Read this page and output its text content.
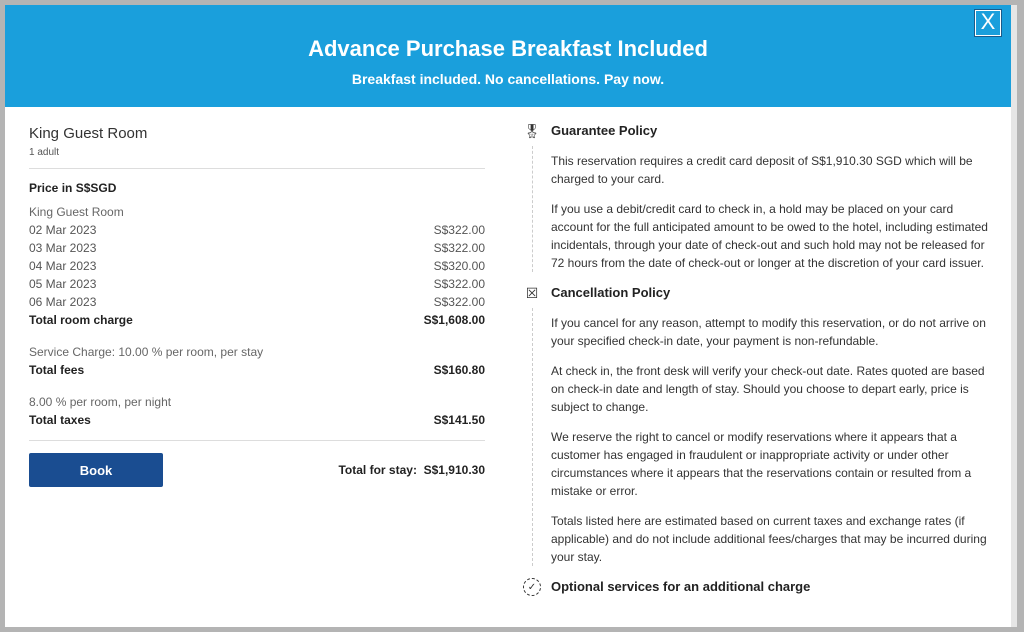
Advance Purchase Breakfast Included

Breakfast included. No cancellations. Pay now.

X
King Guest Room
1 adult
Price in S$SGD
King Guest Room
02 Mar 2023	S$322.00
03 Mar 2023	S$322.00
04 Mar 2023	S$320.00
05 Mar 2023	S$322.00
06 Mar 2023	S$322.00
Total room charge	S$1,608.00
Service Charge: 10.00 % per room, per stay
Total fees	S$160.80
8.00 % per room, per night
Total taxes	S$141.50
Book	Total for stay: S$1,910.30
🎖 Guarantee Policy

This reservation requires a credit card deposit of S$1,910.30 SGD which will be charged to your card.

If you use a debit/credit card to check in, a hold may be placed on your card account for the full anticipated amount to be owed to the hotel, including estimated incidentals, through your date of check-out and such hold may not be released for 72 hours from the date of check-out or longer at the discretion of your card issuer.

☒ Cancellation Policy

If you cancel for any reason, attempt to modify this reservation, or do not arrive on your specified check-in date, your payment is non-refundable.

At check in, the front desk will verify your check-out date. Rates quoted are based on check-in date and length of stay. Should you choose to depart early, price is subject to change.

We reserve the right to cancel or modify reservations where it appears that a customer has engaged in fraudulent or inappropriate activity or under other circumstances where it appears that the reservations contain or resulted from a mistake or error.

Totals listed here are estimated based on current taxes and exchange rates (if applicable) and do not include additional fees/charges that may be incurred during your stay.

✓	Optional services for an additional charge
